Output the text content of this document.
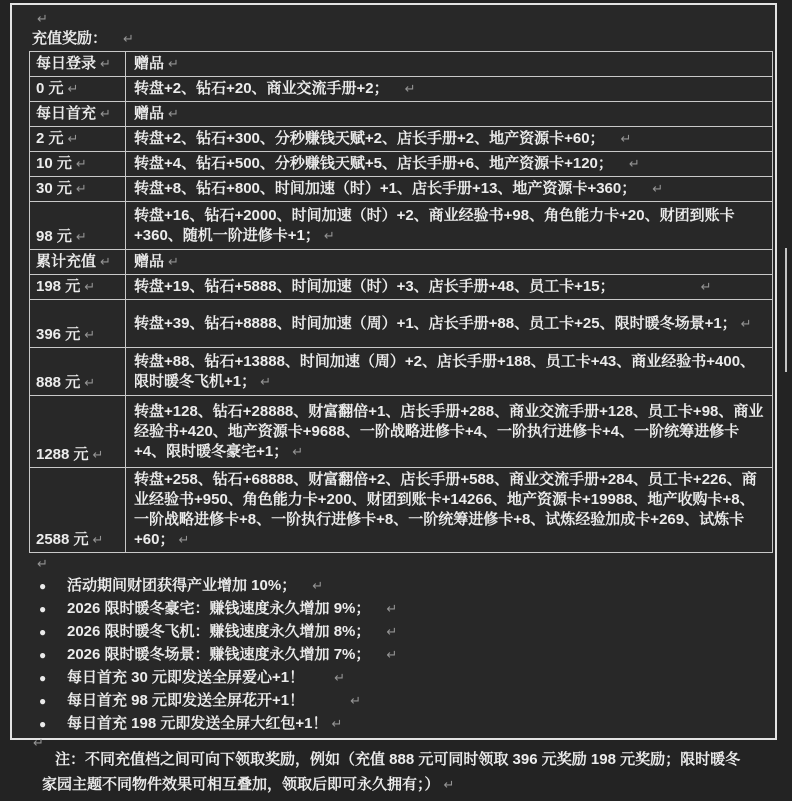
↵
充值奖励： ↵
每日登录 ↵	赠品 ↵
0 元 ↵	转盘+2、钻石+20、商业交流手册+2； ↵
每日首充 ↵	赠品 ↵
2 元 ↵	转盘+2、钻石+300、分秒赚钱天赋+2、店长手册+2、地产资源卡+60； ↵
10 元 ↵	转盘+4、钻石+500、分秒赚钱天赋+5、店长手册+6、地产资源卡+120； ↵
30 元 ↵	转盘+8、钻石+800、时间加速（时）+1、店长手册+13、地产资源卡+360； ↵
98 元 ↵	转盘+16、钻石+2000、时间加速（时）+2、商业经验书+98、角色能力卡+20、财团到账卡+360、随机一阶进修卡+1； ↵
累计充值 ↵	赠品 ↵
198 元 ↵	转盘+19、钻石+5888、时间加速（时）+3、店长手册+48、员工卡+15； ↵
396 元 ↵	转盘+39、钻石+8888、时间加速（周）+1、店长手册+88、员工卡+25、限时暖冬场景+1； ↵
888 元 ↵	转盘+88、钻石+13888、时间加速（周）+2、店长手册+188、员工卡+43、商业经验书+400、限时暖冬飞机+1； ↵
1288 元 ↵	转盘+128、钻石+28888、财富翻倍+1、店长手册+288、商业交流手册+128、员工卡+98、商业经验书+420、地产资源卡+9688、一阶战略进修卡+4、一阶执行进修卡+4、一阶统筹进修卡+4、限时暖冬豪宅+1； ↵
2588 元 ↵	转盘+258、钻石+68888、财富翻倍+2、店长手册+588、商业交流手册+284、员工卡+226、商业经验书+950、角色能力卡+200、财团到账卡+14266、地产资源卡+19988、地产收购卡+8、一阶战略进修卡+8、一阶执行进修卡+8、一阶统筹进修卡+8、试炼经验加成卡+269、试炼卡+60； ↵
↵
● 活动期间财团获得产业增加 10%； ↵
● 2026 限时暖冬豪宅：赚钱速度永久增加 9%； ↵
● 2026 限时暖冬飞机：赚钱速度永久增加 8%； ↵
● 2026 限时暖冬场景：赚钱速度永久增加 7%； ↵
● 每日首充 30 元即发送全屏爱心+1！ ↵
● 每日首充 98 元即发送全屏花开+1！	↵
● 每日首充 198 元即发送全屏大红包+1！ ↵
↵
注：不同充值档之间可向下领取奖励，例如（充值 888 元可同时领取 396 元奖励 198 元奖励；限时暖冬家园主题不同物件效果可相互叠加，领取后即可永久拥有；） ↵
